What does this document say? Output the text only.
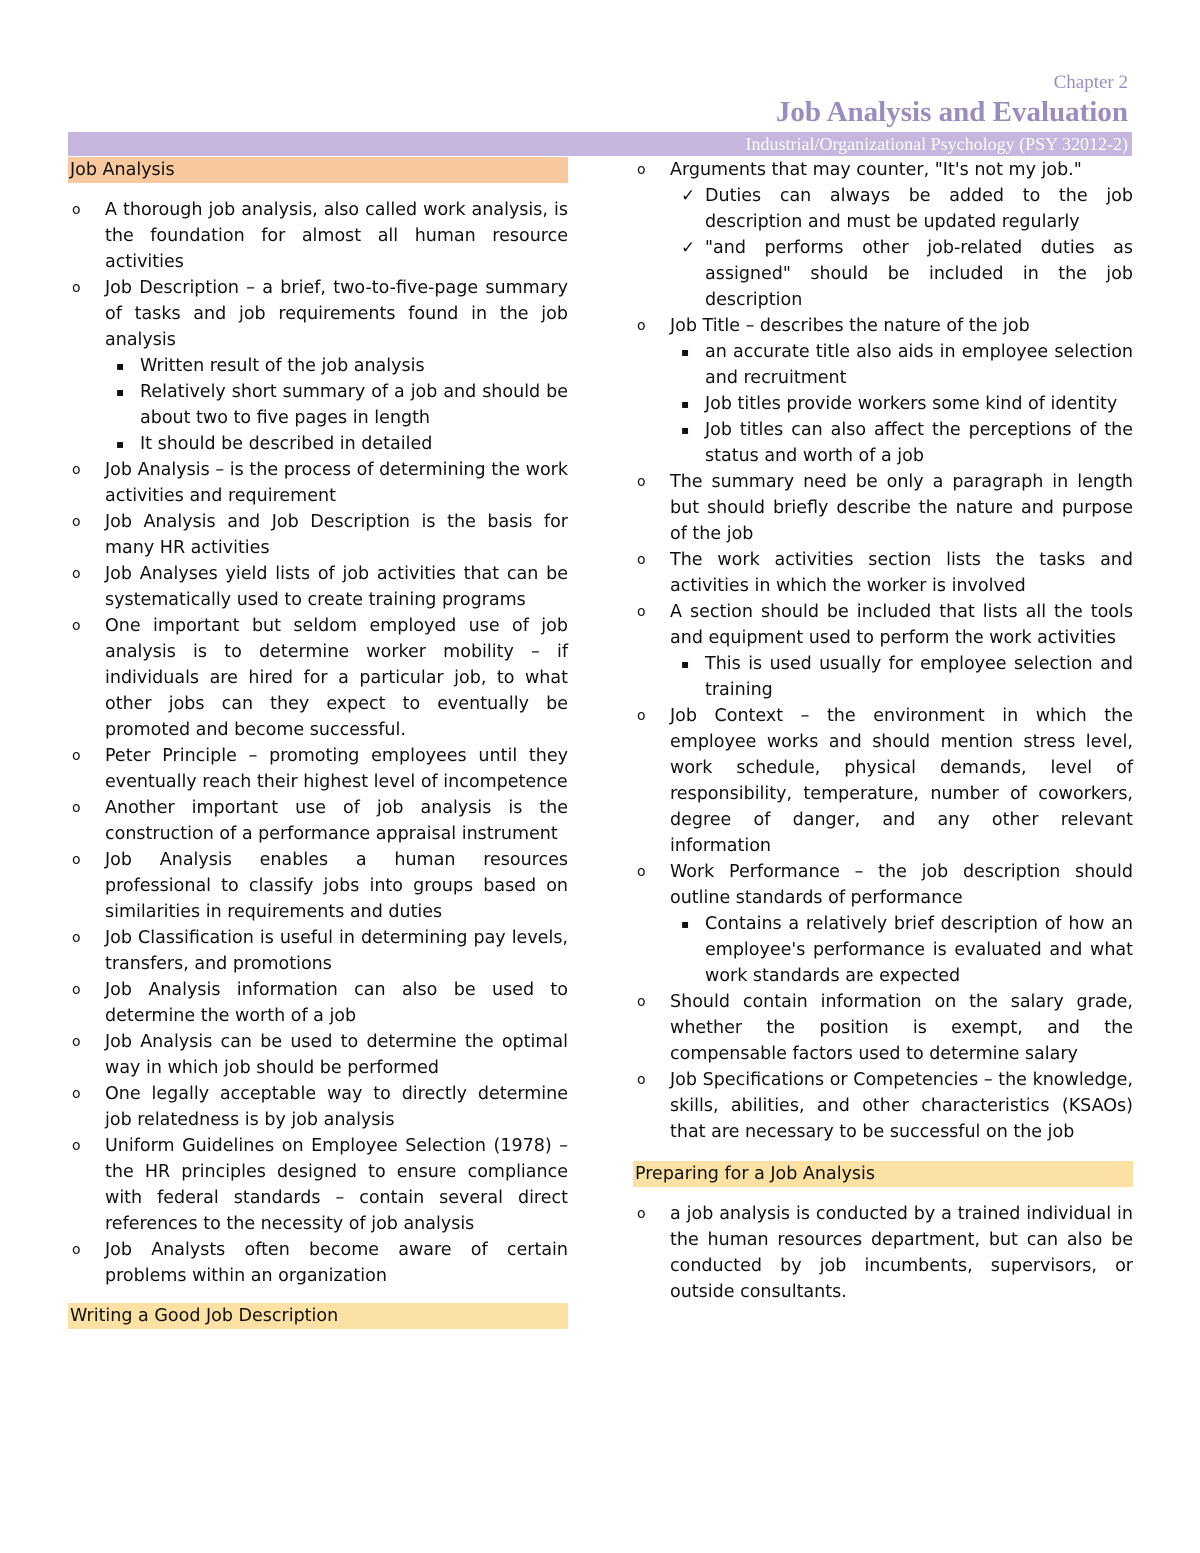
Chapter 2
Job Analysis and Evaluation
Industrial/Organizational Psychology (PSY 32012-2)
Job Analysis
o A thorough job analysis, also called work analysis, is the foundation for almost all human resource activities
o Job Description – a brief, two-to-five-page summary of tasks and job requirements found in the job analysis
▪ Written result of the job analysis
▪ Relatively short summary of a job and should be about two to five pages in length
▪ It should be described in detailed
o Job Analysis – is the process of determining the work activities and requirement
o Job Analysis and Job Description is the basis for many HR activities
o Job Analyses yield lists of job activities that can be systematically used to create training programs
o One important but seldom employed use of job analysis is to determine worker mobility – if individuals are hired for a particular job, to what other jobs can they expect to eventually be promoted and become successful.
o Peter Principle – promoting employees until they eventually reach their highest level of incompetence
o Another important use of job analysis is the construction of a performance appraisal instrument
o Job Analysis enables a human resources professional to classify jobs into groups based on similarities in requirements and duties
o Job Classification is useful in determining pay levels, transfers, and promotions
o Job Analysis information can also be used to determine the worth of a job
o Job Analysis can be used to determine the optimal way in which job should be performed
o One legally acceptable way to directly determine job relatedness is by job analysis
o Uniform Guidelines on Employee Selection (1978) – the HR principles designed to ensure compliance with federal standards – contain several direct references to the necessity of job analysis
o Job Analysts often become aware of certain problems within an organization
Writing a Good Job Description
o Arguments that may counter, "It's not my job."
✓ Duties can always be added to the job description and must be updated regularly
✓ "and performs other job-related duties as assigned" should be included in the job description
o Job Title – describes the nature of the job
▪ an accurate title also aids in employee selection and recruitment
▪ Job titles provide workers some kind of identity
▪ Job titles can also affect the perceptions of the status and worth of a job
o The summary need be only a paragraph in length but should briefly describe the nature and purpose of the job
o The work activities section lists the tasks and activities in which the worker is involved
o A section should be included that lists all the tools and equipment used to perform the work activities
▪ This is used usually for employee selection and training
o Job Context – the environment in which the employee works and should mention stress level, work schedule, physical demands, level of responsibility, temperature, number of coworkers, degree of danger, and any other relevant information
o Work Performance – the job description should outline standards of performance
▪ Contains a relatively brief description of how an employee's performance is evaluated and what work standards are expected
o Should contain information on the salary grade, whether the position is exempt, and the compensable factors used to determine salary
o Job Specifications or Competencies – the knowledge, skills, abilities, and other characteristics (KSAOs) that are necessary to be successful on the job
Preparing for a Job Analysis
o a job analysis is conducted by a trained individual in the human resources department, but can also be conducted by job incumbents, supervisors, or outside consultants.
